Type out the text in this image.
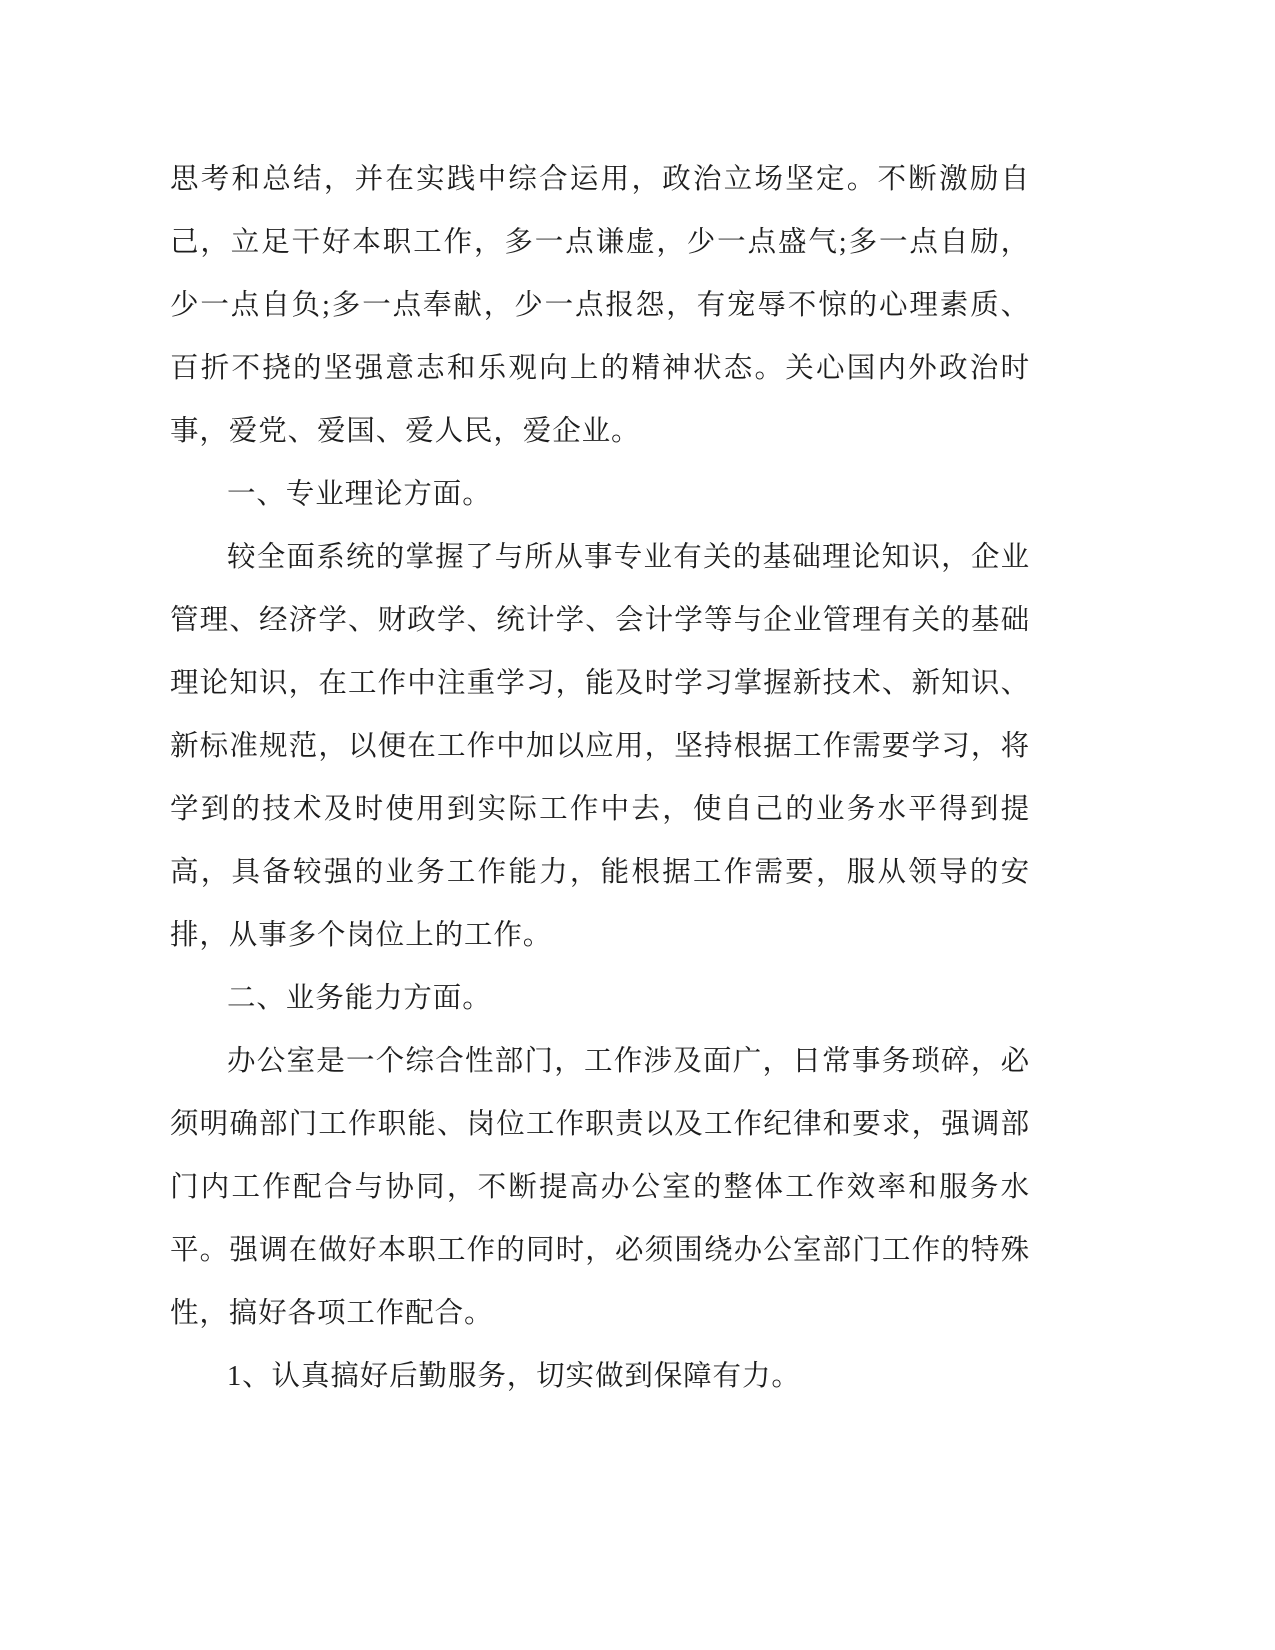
思考和总结，并在实践中综合运用，政治立场坚定。不断激励自己，立足干好本职工作，多一点谦虚，少一点盛气;多一点自励，少一点自负;多一点奉献，少一点报怨，有宠辱不惊的心理素质、百折不挠的坚强意志和乐观向上的精神状态。关心国内外政治时事，爱党、爱国、爱人民，爱企业。

一、专业理论方面。

较全面系统的掌握了与所从事专业有关的基础理论知识，企业管理、经济学、财政学、统计学、会计学等与企业管理有关的基础理论知识，在工作中注重学习，能及时学习掌握新技术、新知识、新标准规范，以便在工作中加以应用，坚持根据工作需要学习，将学到的技术及时使用到实际工作中去，使自己的业务水平得到提高，具备较强的业务工作能力，能根据工作需要，服从领导的安排，从事多个岗位上的工作。

二、业务能力方面。

办公室是一个综合性部门，工作涉及面广，日常事务琐碎，必须明确部门工作职能、岗位工作职责以及工作纪律和要求，强调部门内工作配合与协同，不断提高办公室的整体工作效率和服务水平。强调在做好本职工作的同时，必须围绕办公室部门工作的特殊性，搞好各项工作配合。

1、认真搞好后勤服务，切实做到保障有力。
